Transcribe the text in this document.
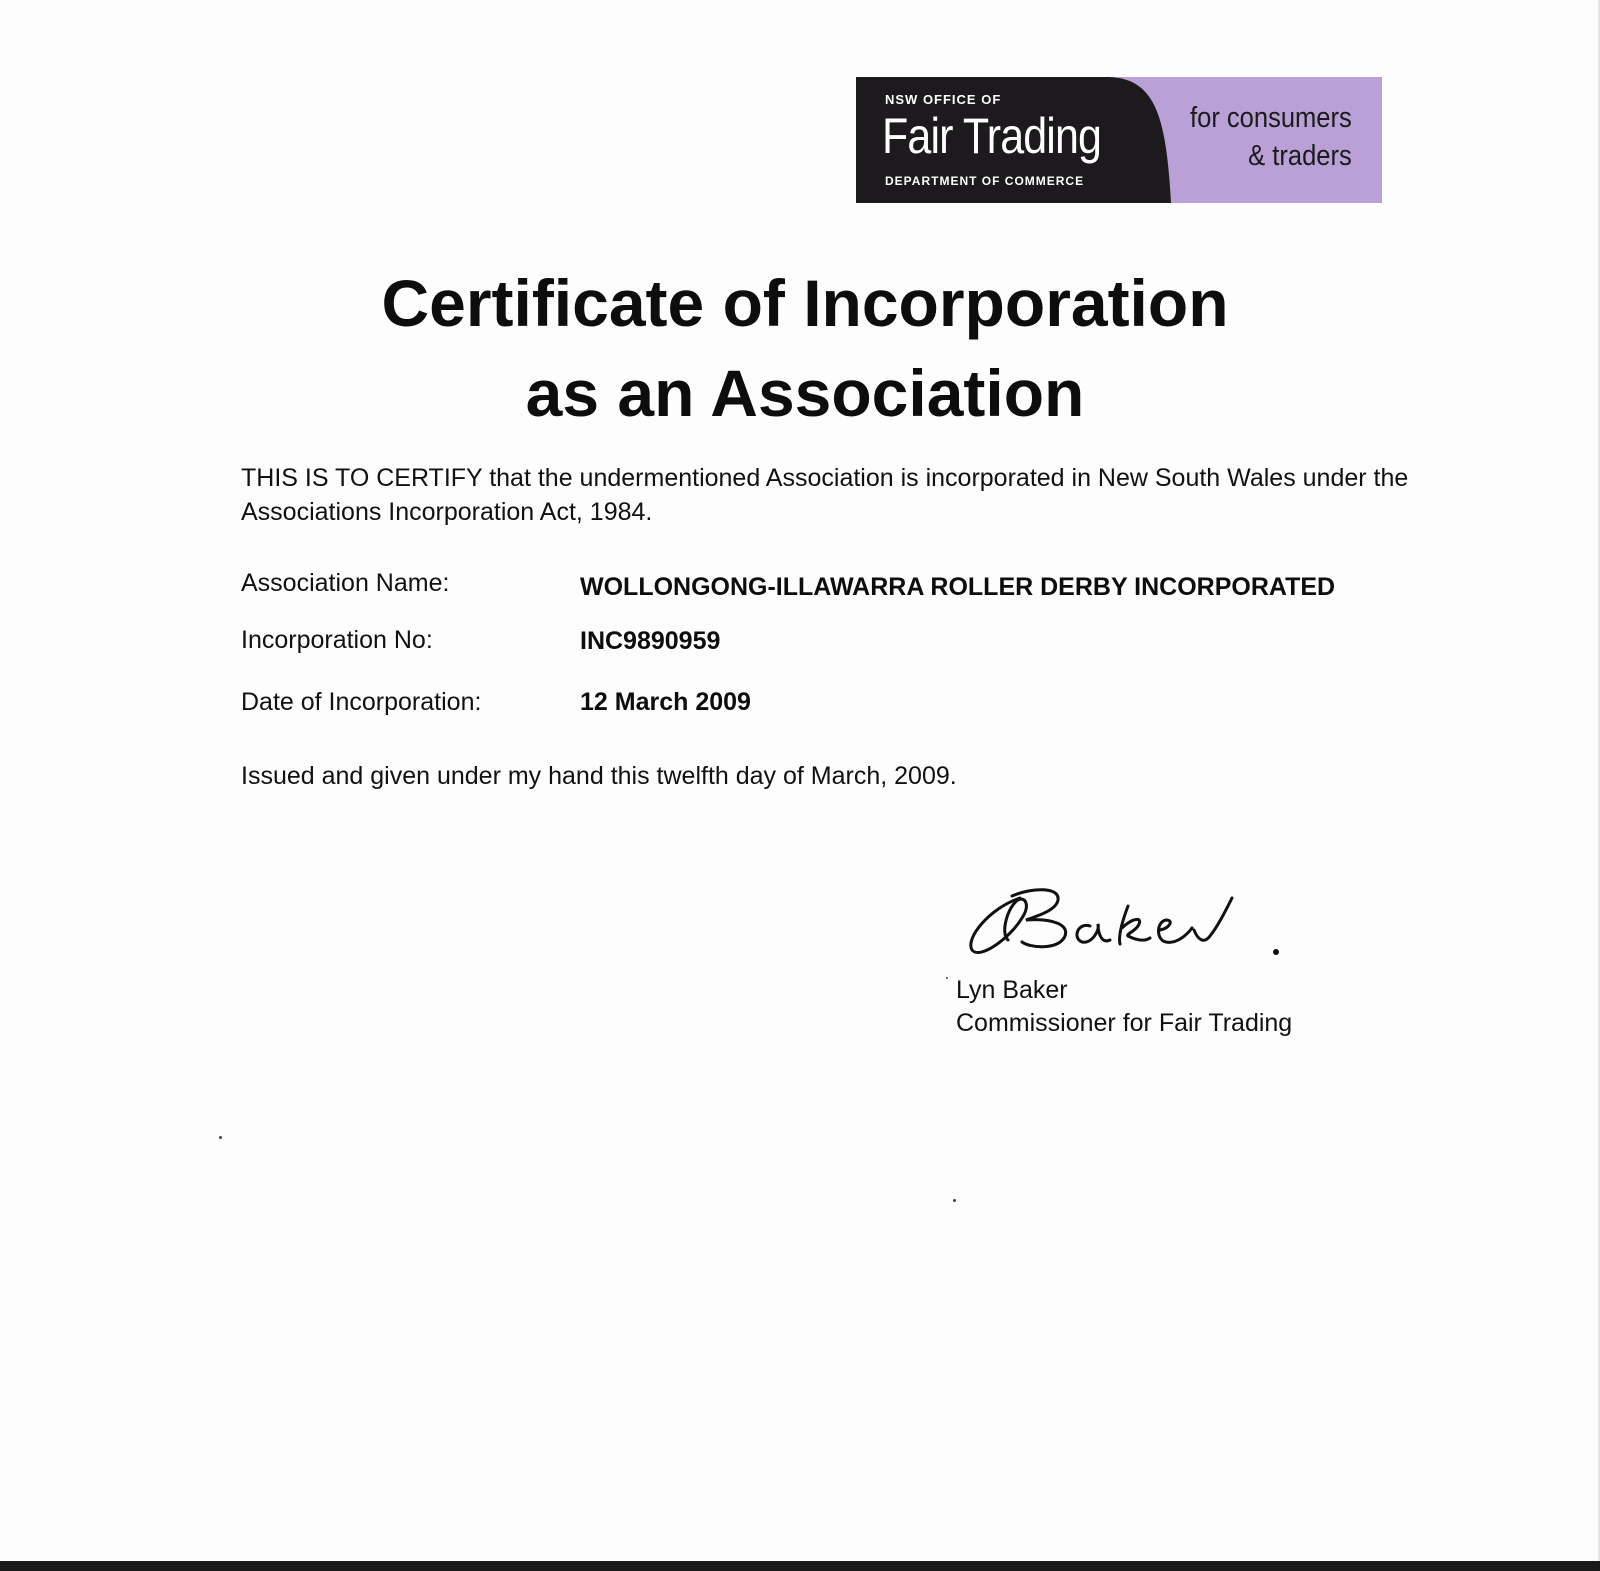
NSW OFFICE OF
Fair Trading
DEPARTMENT OF COMMERCE
for consumers
& traders
Certificate of Incorporation
as an Association
THIS IS TO CERTIFY that the undermentioned Association is incorporated in New South Wales under the Associations Incorporation Act, 1984.
Association Name:	WOLLONGONG-ILLAWARRA ROLLER DERBY INCORPORATED
Incorporation No:	INC9890959
Date of Incorporation:	12 March 2009
Issued and given under my hand this twelfth day of March, 2009.
Lyn Baker
Commissioner for Fair Trading
